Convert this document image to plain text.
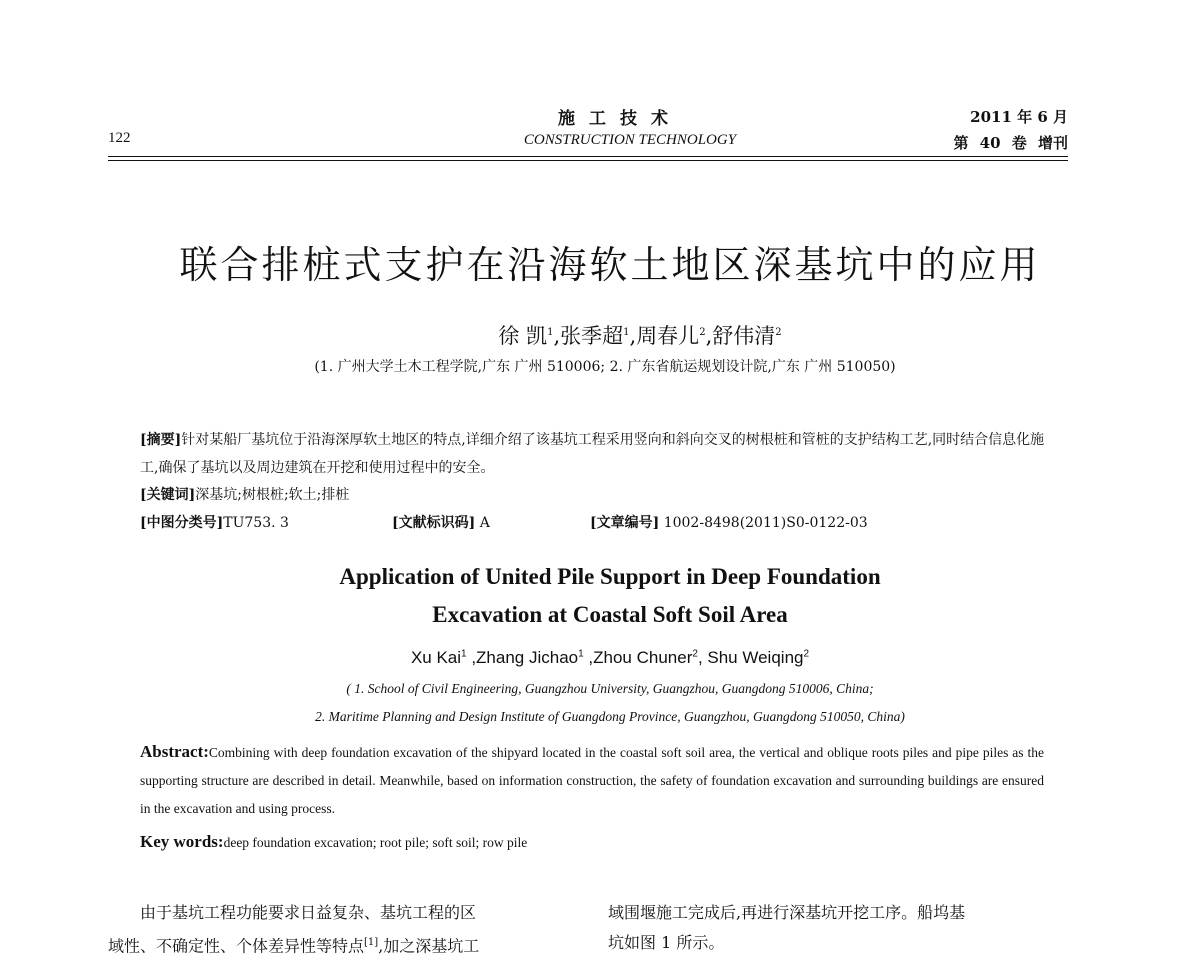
122
施工技术
CONSTRUCTION TECHNOLOGY
2011 年 6 月
第 40 卷 增刊
联合排桩式支护在沿海软土地区深基坑中的应用
徐 凯$^1$,张季超$^1$,周春儿$^2$,舒伟清$^2$
(1. 广州大学土木工程学院,广东 广州 510006; 2. 广东省航运规划设计院,广东 广州 510050)
[摘要]针对某船厂基坑位于沿海深厚软土地区的特点,详细介绍了该基坑工程采用竖向和斜向交叉的树根桩和管桩的支护结构工艺,同时结合信息化施工,确保了基坑以及周边建筑在开挖和使用过程中的安全。
[关键词]深基坑;树根桩;软土;排桩
[中图分类号]TU753. 3	[文献标识码] A	[文章编号] 1002-8498(2011)S0-0122-03
Application of United Pile Support in Deep Foundation
Excavation at Coastal Soft Soil Area
Xu Kai$^1$ ,Zhang Jichao$^1$ ,Zhou Chuner$^2$, Shu Weiqing$^2$
( 1. School of Civil Engineering, Guangzhou University, Guangzhou, Guangdong 510006, China;
2. Maritime Planning and Design Institute of Guangdong Province, Guangzhou, Guangdong 510050, China)
Abstract:Combining with deep foundation excavation of the shipyard located in the coastal soft soil area, the vertical and oblique roots piles and pipe piles as the supporting structure are described in detail. Meanwhile, based on information construction, the safety of foundation excavation and surrounding buildings are ensured in the excavation and using process.
Key words:deep foundation excavation; root pile; soft soil; row pile
由于基坑工程功能要求日益复杂、基坑工程的区
域性、不确定性、个体差异性等特点[1],加之深基坑工
域围堰施工完成后,再进行深基坑开挖工序。船坞基
坑如图 1 所示。
